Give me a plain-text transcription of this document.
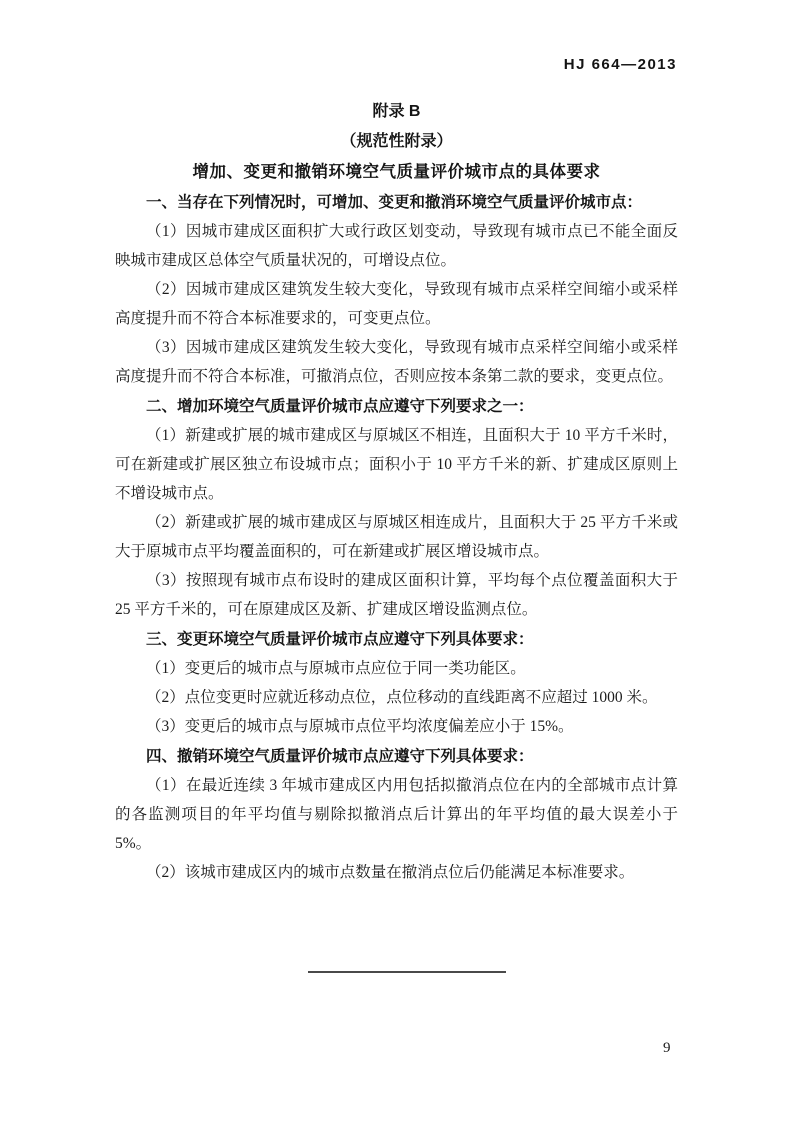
HJ 664—2013
附录 B
（规范性附录）
增加、变更和撤销环境空气质量评价城市点的具体要求

一、当存在下列情况时，可增加、变更和撤消环境空气质量评价城市点：

（1）因城市建成区面积扩大或行政区划变动，导致现有城市点已不能全面反映城市建成区总体空气质量状况的，可增设点位。

（2）因城市建成区建筑发生较大变化，导致现有城市点采样空间缩小或采样高度提升而不符合本标准要求的，可变更点位。

（3）因城市建成区建筑发生较大变化，导致现有城市点采样空间缩小或采样高度提升而不符合本标准，可撤消点位，否则应按本条第二款的要求，变更点位。

二、增加环境空气质量评价城市点应遵守下列要求之一：

（1）新建或扩展的城市建成区与原城区不相连，且面积大于 10 平方千米时，可在新建或扩展区独立布设城市点；面积小于 10 平方千米的新、扩建成区原则上不增设城市点。

（2）新建或扩展的城市建成区与原城区相连成片，且面积大于 25 平方千米或大于原城市点平均覆盖面积的，可在新建或扩展区增设城市点。

（3）按照现有城市点布设时的建成区面积计算，平均每个点位覆盖面积大于 25 平方千米的，可在原建成区及新、扩建成区增设监测点位。

三、变更环境空气质量评价城市点应遵守下列具体要求：

（1）变更后的城市点与原城市点应位于同一类功能区。

（2）点位变更时应就近移动点位，点位移动的直线距离不应超过 1000 米。

（3）变更后的城市点与原城市点位平均浓度偏差应小于 15%。

四、撤销环境空气质量评价城市点应遵守下列具体要求：

（1）在最近连续 3 年城市建成区内用包括拟撤消点位在内的全部城市点计算的各监测项目的年平均值与剔除拟撤消点后计算出的年平均值的最大误差小于 5%。

（2）该城市建成区内的城市点数量在撤消点位后仍能满足本标准要求。

9
